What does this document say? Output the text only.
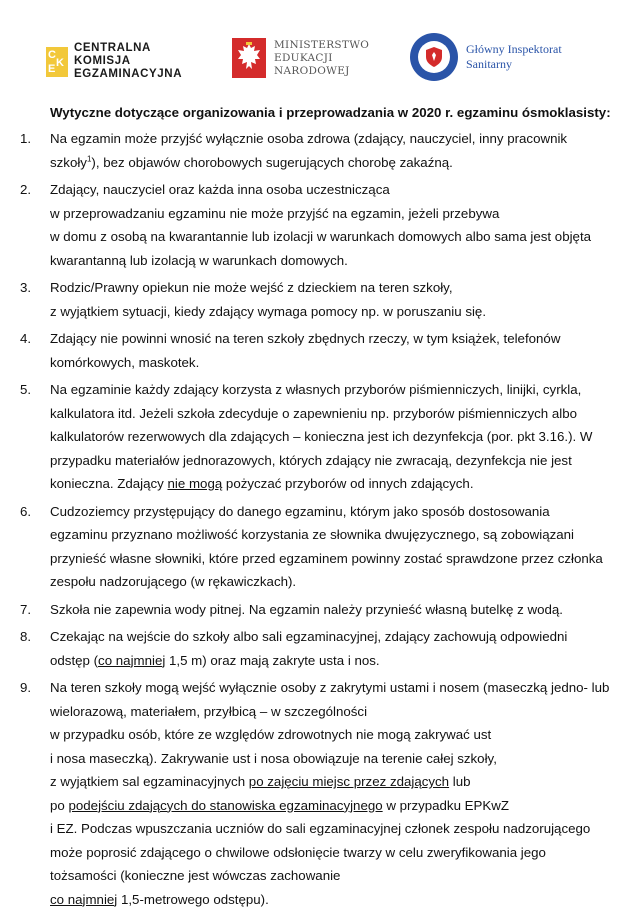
C
K
E
CENTRALNA
KOMISJA
EGZAMINACYJNA
MINISTERSTWO
EDUKACJI
NARODOWEJ
Główny Inspektorat
Sanitarny
Wytyczne dotyczące organizowania i przeprowadzania w 2020 r. egzaminu ósmoklasisty:
1. Na egzamin może przyjść wyłącznie osoba zdrowa (zdający, nauczyciel, inny pracownik
szkoły$^1$), bez objawów chorobowych sugerujących chorobę zakaźną.
2. Zdający, nauczyciel oraz każda inna osoba uczestnicząca
w przeprowadzaniu egzaminu nie może przyjść na egzamin, jeżeli przebywa
w domu z osobą na kwarantannie lub izolacji w warunkach domowych albo sama jest objęta
kwarantanną lub izolacją w warunkach domowych.
3. Rodzic/Prawny opiekun nie może wejść z dzieckiem na teren szkoły,
z wyjątkiem sytuacji, kiedy zdający wymaga pomocy np. w poruszaniu się.
4. Zdający nie powinni wnosić na teren szkoły zbędnych rzeczy, w tym książek, telefonów
komórkowych, maskotek.
5. Na egzaminie każdy zdający korzysta z własnych przyborów piśmienniczych, linijki, cyrkla,
kalkulatora itd. Jeżeli szkoła zdecyduje o zapewnieniu np. przyborów piśmienniczych albo
kalkulatorów rezerwowych dla zdających – konieczna jest ich dezynfekcja (por. pkt 3.16.). W
przypadku materiałów jednorazowych, których zdający nie zwracają, dezynfekcja nie jest
konieczna. Zdający nie mogą pożyczać przyborów od innych zdających.
6. Cudzoziemcy przystępujący do danego egzaminu, którym jako sposób dostosowania
egzaminu przyznano możliwość korzystania ze słownika dwujęzycznego, są zobowiązani
przynieść własne słowniki, które przed egzaminem powinny zostać sprawdzone przez członka
zespołu nadzorującego (w rękawiczkach).
7. Szkoła nie zapewnia wody pitnej. Na egzamin należy przynieść własną butelkę z wodą.
8. Czekając na wejście do szkoły albo sali egzaminacyjnej, zdający zachowują odpowiedni
odstęp (co najmniej 1,5 m) oraz mają zakryte usta i nos.
9. Na teren szkoły mogą wejść wyłącznie osoby z zakrytymi ustami i nosem (maseczką jedno- lub
wielorazową, materiałem, przyłbicą – w szczególności
w przypadku osób, które ze względów zdrowotnych nie mogą zakrywać ust
i nosa maseczką). Zakrywanie ust i nosa obowiązuje na terenie całej szkoły,
z wyjątkiem sal egzaminacyjnych po zajęciu miejsc przez zdających lub
po podejściu zdających do stanowiska egzaminacyjnego w przypadku EPKwZ
i EZ. Podczas wpuszczania uczniów do sali egzaminacyjnej członek zespołu nadzorującego
może poprosić zdającego o chwilowe odsłonięcie twarzy w celu zweryfikowania jego
tożsamości (konieczne jest wówczas zachowanie
co najmniej 1,5-metrowego odstępu).
